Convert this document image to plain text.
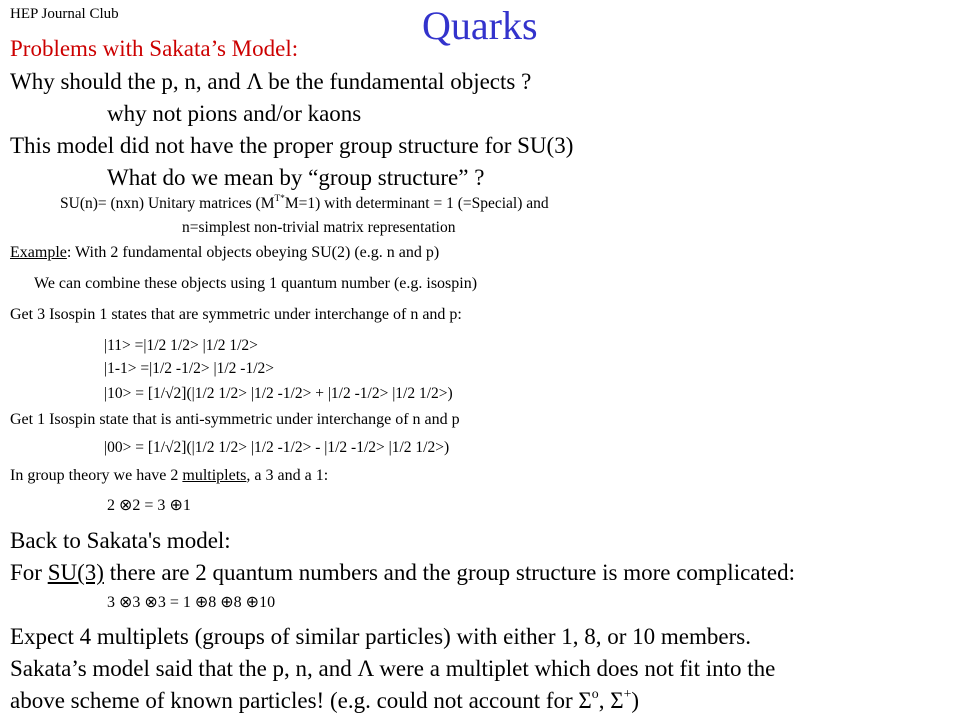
HEP Journal Club	Quarks
Problems with Sakata’s Model:
Why should the p, n, and Λ be the fundamental objects ?
why not pions and/or kaons
This model did not have the proper group structure for SU(3)
What do we mean by “group structure” ?
SU(n)= (nxn) Unitary matrices $(M^{T*}M=1)$ with determinant = 1 (=Special) and
n=simplest non-trivial matrix representation
Example: With 2 fundamental objects obeying SU(2) (e.g. n and p)
We can combine these objects using 1 quantum number (e.g. isospin)
Get 3 Isospin 1 states that are symmetric under interchange of n and p:
|11> =|1/2 1/2> |1/2 1/2>
|1-1> =|1/2 -1/2> |1/2 -1/2>
|10> = [1/√2](|1/2 1/2> |1/2 -1/2> + |1/2 -1/2> |1/2 1/2>)
Get 1 Isospin state that is anti-symmetric under interchange of n and p
|00> = [1/√2](|1/2 1/2> |1/2 -1/2> - |1/2 -1/2> |1/2 1/2>)
In group theory we have 2 multiplets, a 3 and a 1:
2 ⊗2 = 3 ⊕1
Back to Sakata's model:
For SU(3) there are 2 quantum numbers and the group structure is more complicated:
3 ⊗3 ⊗3 = 1 ⊕8 ⊕8 ⊕10
Expect 4 multiplets (groups of similar particles) with either 1, 8, or 10 members.
Sakata’s model said that the p, n, and Λ were a multiplet which does not fit into the
above scheme of known particles! (e.g. could not account for $\Sigma^o$, Σ+)
